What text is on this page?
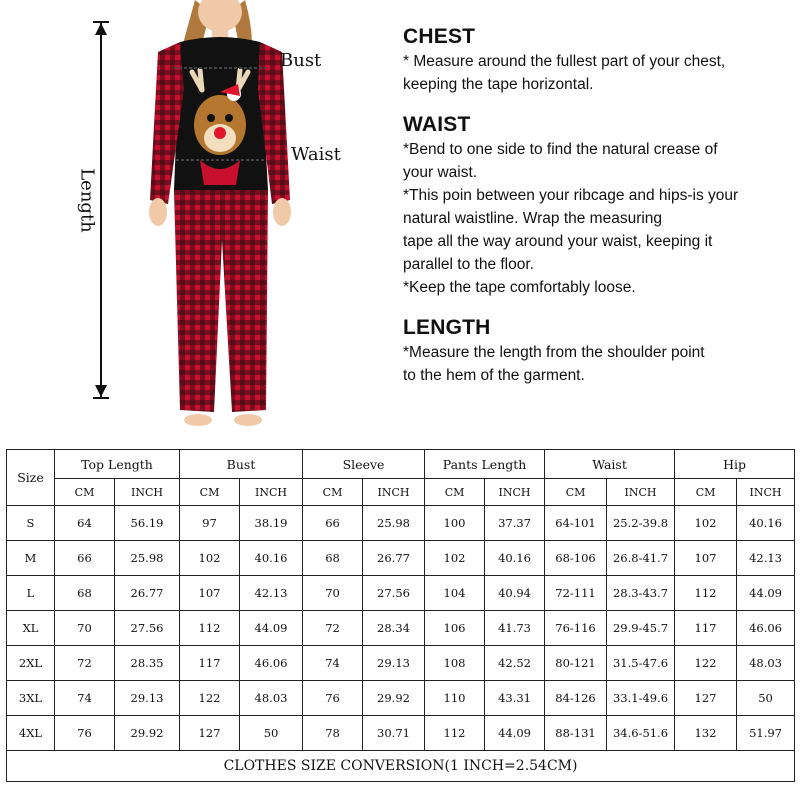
Length
Bust
Waist
CHEST

* Measure around the fullest part of your chest,
keeping the tape horizontal.

WAIST

*Bend to one side to find the natural crease of
your waist.
*This poin between your ribcage and hips-is your
natural waistline. Wrap the measuring
tape all the way around your waist, keeping it
parallel to the floor.
*Keep the tape comfortably loose.

LENGTH

*Measure the length from the shoulder point
to the hem of the garment.

Size	Top Length		Bust		Sleeve		Pants Length		Waist		Hip	
	CM	INCH	CM	INCH	CM	INCH	CM	INCH	CM	INCH	CM	INCH
S	64	56.19	97	38.19	66	25.98	100	37.37	64-101	25.2-39.8	102	40.16
M	66	25.98	102	40.16	68	26.77	102	40.16	68-106	26.8-41.7	107	42.13
L	68	26.77	107	42.13	70	27.56	104	40.94	72-111	28.3-43.7	112	44.09
XL	70	27.56	112	44.09	72	28.34	106	41.73	76-116	29.9-45.7	117	46.06
2XL	72	28.35	117	46.06	74	29.13	108	42.52	80-121	31.5-47.6	122	48.03
3XL	74	29.13	122	48.03	76	29.92	110	43.31	84-126	33.1-49.6	127	50
4XL	76	29.92	127	50	78	30.71	112	44.09	88-131	34.6-51.6	132	51.97
CLOTHES SIZE CONVERSION(1 INCH=2.54CM)												
